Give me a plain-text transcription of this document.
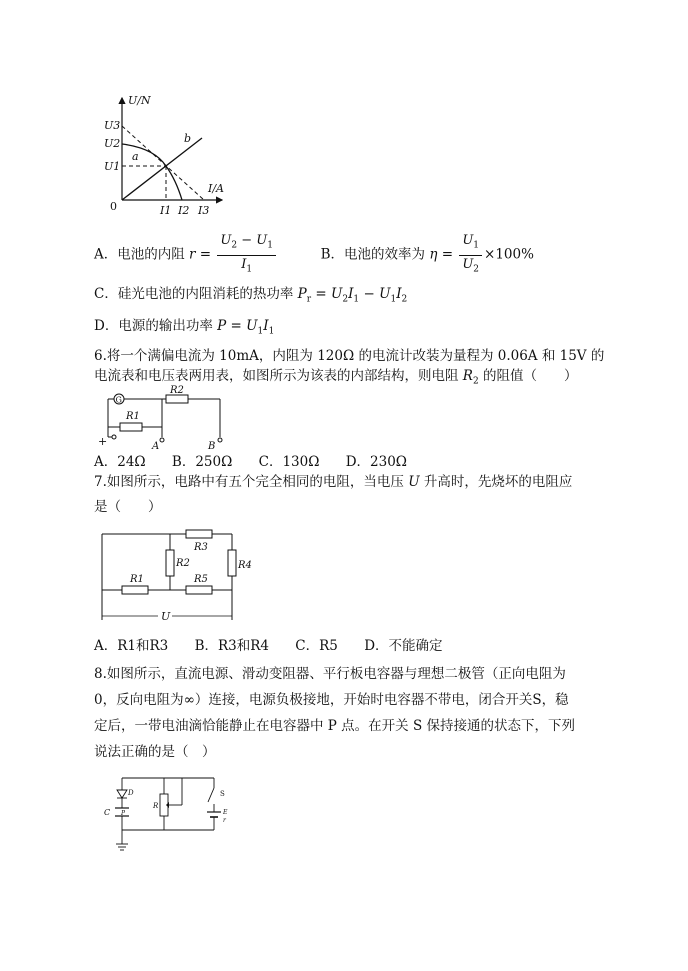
U/N
I/A
U3
U2
U1
I1 I2 I3
a
b
0
A．电池的内阻 $r = \frac{U_2 - U_1}{I_1}$	B．电池的效率为 $\eta = \frac{U_1}{U_2} \times 100\%$
C．硅光电池的内阻消耗的热功率 $P_r = U_2I_1 - U_1I_2$
D．电源的输出功率 $P = U_1I_1$
6.将一个满偏电流为 10mA，内阻为 120Ω 的电流计改装为量程为 0.06A 和 15V 的
电流表和电压表两用表，如图所示为该表的内部结构，则电阻 $R_2$ 的阻值（　　）
G
R1
R2
+	A	B
A．24Ω B．250Ω C．130Ω D．230Ω
7.如图所示，电路中有五个完全相同的电阻，当电压 U 升高时，先烧坏的电阻应
是（　　）
R1
R2
R3
R4
R5
U
A．R1和R3 B．R3和R4 C．R5 D．不能确定
8.如图所示，直流电源、滑动变阻器、平行板电容器与理想二极管（正向电阻为
0，反向电阻为∞）连接，电源负极接地，开始时电容器不带电，闭合开关S，稳
定后，一带电油滴恰能静止在电容器中 P 点。在开关 S 保持接通的状态下，下列
说法正确的是（　）
D
C P
R
S
E
r
